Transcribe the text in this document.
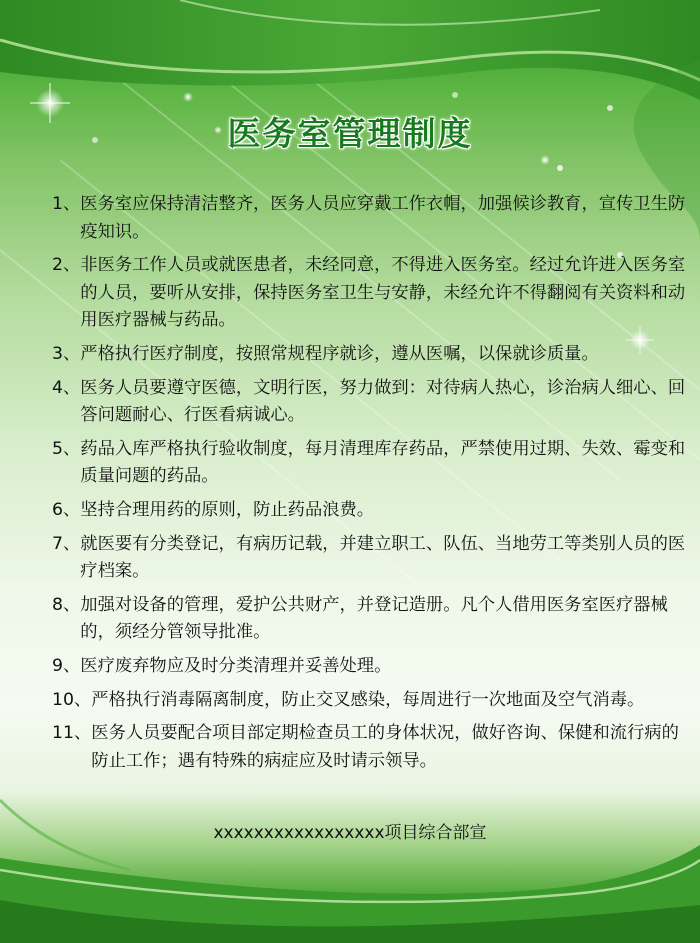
医务室管理制度
1、 医务室应保持清洁整齐，医务人员应穿戴工作衣帽，加强候诊教育，宣传卫生防疫知识。
2、 非医务工作人员或就医患者，未经同意，不得进入医务室。经过允许进入医务室的人员，要听从安排，保持医务室卫生与安静，未经允许不得翻阅有关资料和动用医疗器械与药品。
3、 严格执行医疗制度，按照常规程序就诊，遵从医嘱，以保就诊质量。
4、 医务人员要遵守医德，文明行医，努力做到：对待病人热心，诊治病人细心、回答问题耐心、行医看病诚心。
5、 药品入库严格执行验收制度，每月清理库存药品，严禁使用过期、失效、霉变和质量问题的药品。
6、 坚持合理用药的原则，防止药品浪费。
7、 就医要有分类登记，有病历记载，并建立职工、队伍、当地劳工等类别人员的医疗档案。
8、 加强对设备的管理，爱护公共财产，并登记造册。凡个人借用医务室医疗器械的，须经分管领导批准。
9、 医疗废弃物应及时分类清理并妥善处理。
10、 严格执行消毒隔离制度，防止交叉感染，每周进行一次地面及空气消毒。
11、 医务人员要配合项目部定期检查员工的身体状况，做好咨询、保健和流行病的防止工作；遇有特殊的病症应及时请示领导。
xxxxxxxxxxxxxxxxx项目综合部宣
